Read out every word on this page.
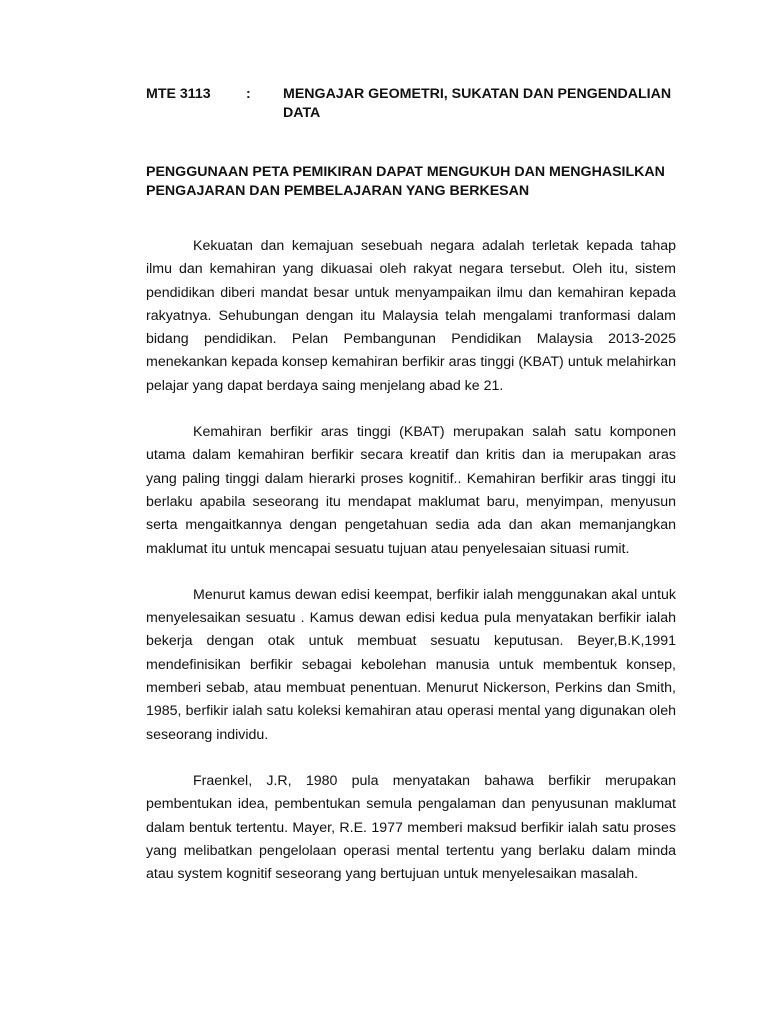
MTE 3113 : MENGAJAR GEOMETRI, SUKATAN DAN PENGENDALIAN DATA
PENGGUNAAN PETA PEMIKIRAN DAPAT MENGUKUH DAN MENGHASILKAN PENGAJARAN DAN PEMBELAJARAN YANG BERKESAN

Kekuatan dan kemajuan sesebuah negara adalah terletak kepada tahap ilmu dan kemahiran yang dikuasai oleh rakyat negara tersebut. Oleh itu, sistem pendidikan diberi mandat besar untuk menyampaikan ilmu dan kemahiran kepada rakyatnya. Sehubungan dengan itu Malaysia telah mengalami tranformasi dalam bidang pendidikan. Pelan Pembangunan Pendidikan Malaysia 2013-2025 menekankan kepada konsep kemahiran berfikir aras tinggi (KBAT) untuk melahirkan pelajar yang dapat berdaya saing menjelang abad ke 21.

Kemahiran berfikir aras tinggi (KBAT) merupakan salah satu komponen utama dalam kemahiran berfikir secara kreatif dan kritis dan ia merupakan aras yang paling tinggi dalam hierarki proses kognitif.. Kemahiran berfikir aras tinggi itu berlaku apabila seseorang itu mendapat maklumat baru, menyimpan, menyusun serta mengaitkannya dengan pengetahuan sedia ada dan akan memanjangkan maklumat itu untuk mencapai sesuatu tujuan atau penyelesaian situasi rumit.

Menurut kamus dewan edisi keempat, berfikir ialah menggunakan akal untuk menyelesaikan sesuatu . Kamus dewan edisi kedua pula menyatakan berfikir ialah bekerja dengan otak untuk membuat sesuatu keputusan. Beyer,B.K,1991 mendefinisikan berfikir sebagai kebolehan manusia untuk membentuk konsep, memberi sebab, atau membuat penentuan. Menurut Nickerson, Perkins dan Smith, 1985, berfikir ialah satu koleksi kemahiran atau operasi mental yang digunakan oleh seseorang individu.

Fraenkel, J.R, 1980 pula menyatakan bahawa berfikir merupakan pembentukan idea, pembentukan semula pengalaman dan penyusunan maklumat dalam bentuk tertentu. Mayer, R.E. 1977 memberi maksud berfikir ialah satu proses yang melibatkan pengelolaan operasi mental tertentu yang berlaku dalam minda atau system kognitif seseorang yang bertujuan untuk menyelesaikan masalah.
